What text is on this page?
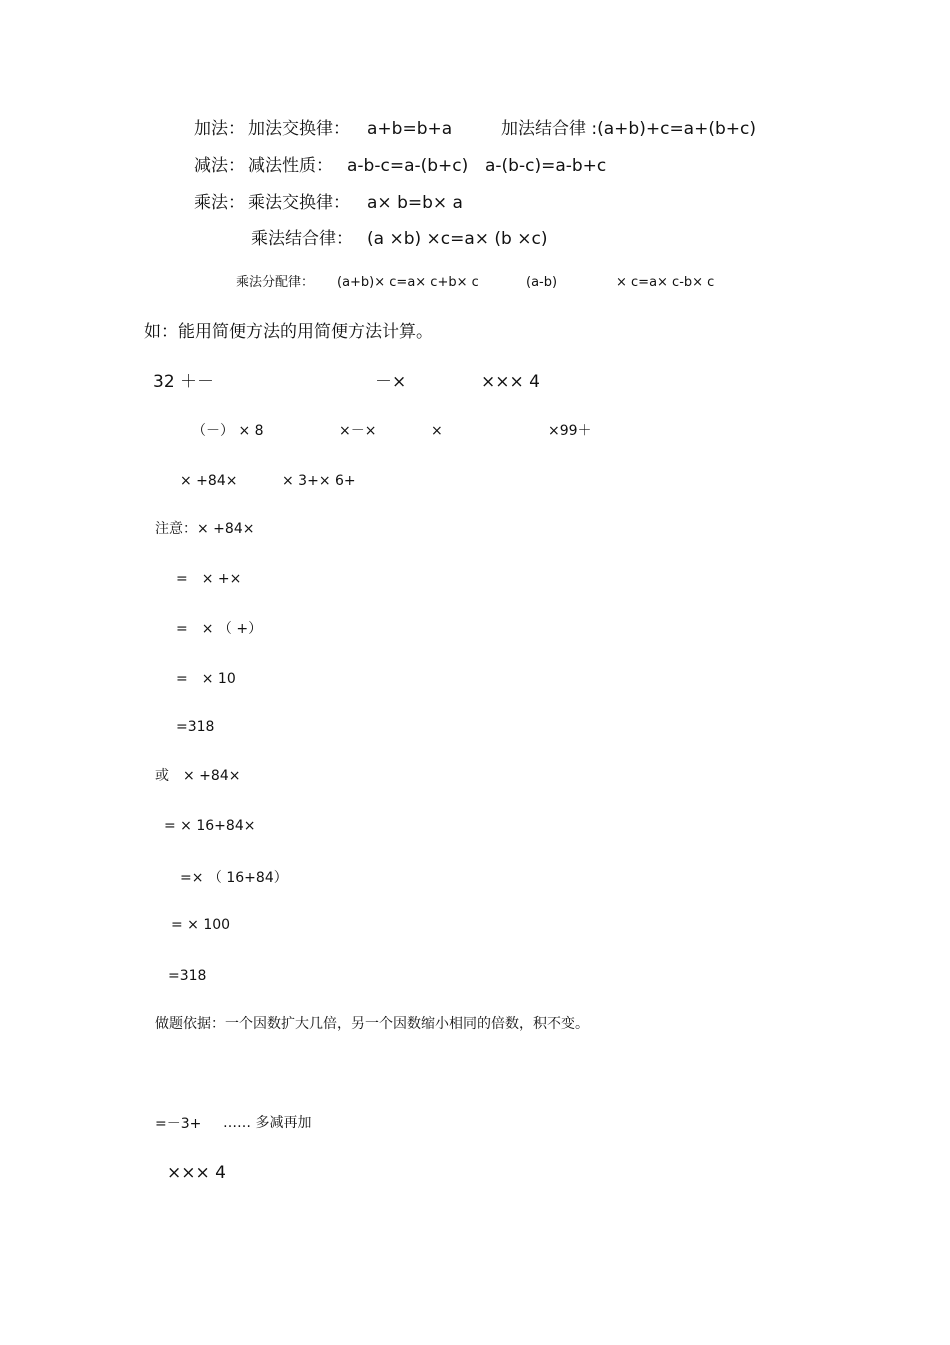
加法： 加法交换律： a+b=b+a	加法结合律 :(a+b)+c=a+(b+c)
减法： 减法性质： a-b-c=a-(b+c) a-(b-c)=a-b+c
乘法： 乘法交换律： a× b=b× a
乘法结合律： (a ×b) ×c=a× (b ×c)
乘法分配律： (a+b)× c=a× c+b× c	(a-b)	× c=a× c-b× c
如：能用简便方法的用简便方法计算。
32 ＋－	－×	××× 4
（－） × 8	×－×	×	×99＋
× +84×	× 3+× 6+
注意：× +84×
=　× +×
=　× （ +）
=　× 10
=318
或　× +84×
= × 16+84×
=× （ 16+84）
= × 100
=318
做题依据：一个因数扩大几倍，另一个因数缩小相同的倍数，积不变。
=－3+ …… 多减再加
××× 4
